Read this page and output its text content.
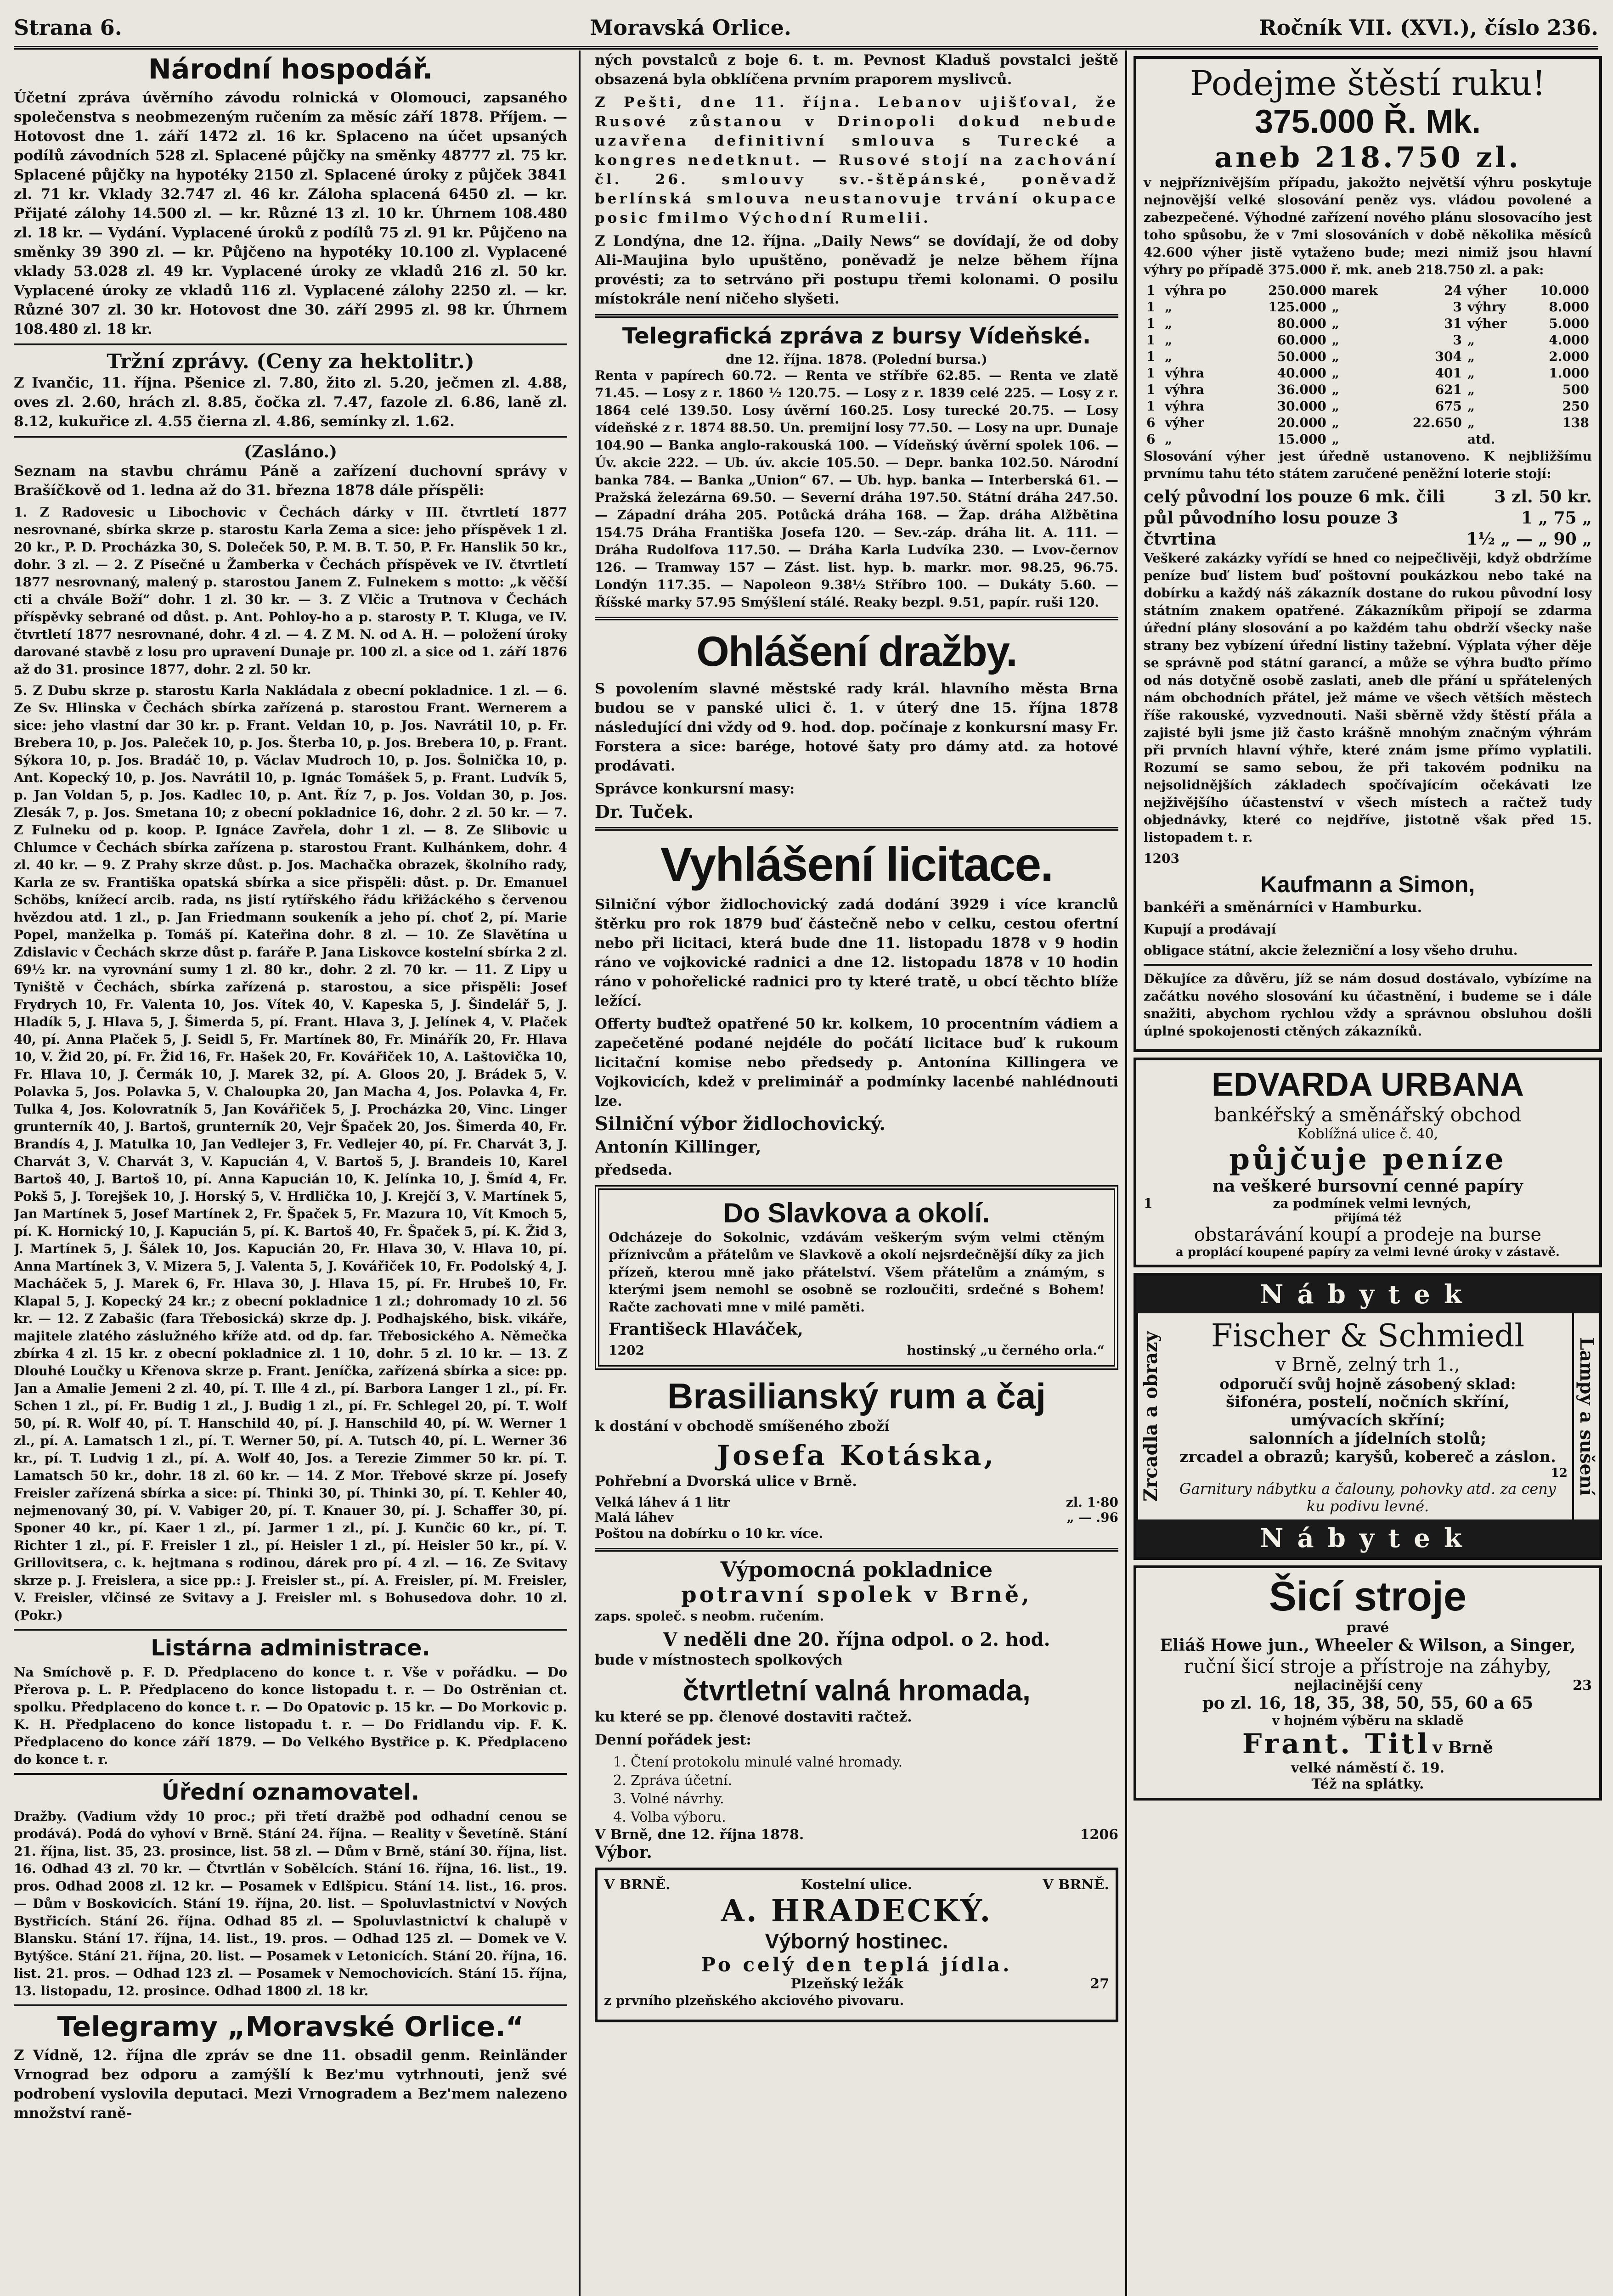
Strana 6.	Moravská Orlice.	Ročník VII. (XVI.), číslo 236.
Národní hospodář.

Účetní zpráva úvěrního závodu rolnická v Olomouci, zapsaného společenstva s neobmezeným ručením za měsíc září 1878. Příjem. — Hotovost dne 1. září 1472 zl. 16 kr. Splaceno na účet upsaných podílů závodních 528 zl. Splacené půjčky na směnky 48777 zl. 75 kr. Splacené půjčky na hypotéky 2150 zl. Splacené úroky z půjček 3841 zl. 71 kr. Vklady 32.747 zl. 46 kr. Záloha splacená 6450 zl. — kr. Přijaté zálohy 14.500 zl. — kr. Různé 13 zl. 10 kr. Úhrnem 108.480 zl. 18 kr. — Vydání. Vyplacené úroků z podílů 75 zl. 91 kr. Půjčeno na směnky 39 390 zl. — kr. Půjčeno na hypotéky 10.100 zl. Vyplacené vklady 53.028 zl. 49 kr. Vyplacené úroky ze vkladů 216 zl. 50 kr. Vyplacené úroky ze vkladů 116 zl. Vyplacené zálohy 2250 zl. — kr. Různé 307 zl. 30 kr. Hotovost dne 30. září 2995 zl. 98 kr. Úhrnem 108.480 zl. 18 kr.

Tržní zprávy. (Ceny za hektolitr.)

Z Ivančic, 11. října. Pšenice zl. 7.80, žito zl. 5.20, ječmen zl. 4.88, oves zl. 2.60, hrách zl. 8.85, čočka zl. 7.47, fazole zl. 6.86, laně zl. 8.12, kukuřice zl. 4.55 čierna zl. 4.86, semínky zl. 1.62.

(Zasláno.)

Seznam na stavbu chrámu Páně a zařízení duchovní správy v Brašíčkově od 1. ledna až do 31. března 1878 dále příspěli:

1. Z Radovesic u Libochovic v Čechách dárky v III. čtvrtletí 1877 nesrovnané, sbírka skrze p. starostu Karla Zema a sice: jeho příspěvek 1 zl. 20 kr., P. D. Procházka 30, S. Doleček 50, P. M. B. T. 50, P. Fr. Hanslik 50 kr., dohr. 3 zl. — 2. Z Písečné u Žamberka v Čechách příspěvek ve IV. čtvrtletí 1877 nesrovnaný, malený p. starostou Janem Z. Fulnekem s motto: „k věčší cti a chvále Boží“ dohr. 1 zl. 30 kr. — 3. Z Vlčic a Trutnova v Čechách příspěvky sebrané od důst. p. Ant. Pohloy-ho a p. starosty P. T. Kluga, ve IV. čtvrtletí 1877 nesrovnané, dohr. 4 zl. — 4. Z M. N. od A. H. — položení úroky darované stavbě z losu pro upravení Dunaje pr. 100 zl. a sice od 1. září 1876 až do 31. prosince 1877, dohr. 2 zl. 50 kr.

5. Z Dubu skrze p. starostu Karla Nakládala z obecní pokladnice. 1 zl. — 6. Ze Sv. Hlinska v Čechách sbírka zařízená p. starostou Frant. Wernerem a sice: jeho vlastní dar 30 kr. p. Frant. Veldan 10, p. Jos. Navrátil 10, p. Fr. Brebera 10, p. Jos. Paleček 10, p. Jos. Šterba 10, p. Jos. Brebera 10, p. Frant. Sýkora 10, p. Jos. Bradáč 10, p. Václav Mudroch 10, p. Jos. Šolnička 10, p. Ant. Kopecký 10, p. Jos. Navrátil 10, p. Ignác Tomášek 5, p. Frant. Ludvík 5, p. Jan Voldan 5, p. Jos. Kadlec 10, p. Ant. Říz 7, p. Jos. Voldan 30, p. Jos. Zlesák 7, p. Jos. Smetana 10; z obecní pokladnice 16, dohr. 2 zl. 50 kr. — 7. Z Fulneku od p. koop. P. Ignáce Zavřela, dohr 1 zl. — 8. Ze Slibovic u Chlumce v Čechách sbírka zařízena p. starostou Frant. Kulhánkem, dohr. 4 zl. 40 kr. — 9. Z Prahy skrze důst. p. Jos. Machačka obrazek, školního rady, Karla ze sv. Františka opatská sbírka a sice přispěli: důst. p. Dr. Emanuel Schöbs, knížecí arcib. rada, ns jistí rytířského řádu křižáckého s červenou hvězdou atd. 1 zl., p. Jan Friedmann soukeník a jeho pí. choť 2, pí. Marie Popel, manželka p. Tomáš pí. Kateřina dohr. 8 zl. — 10. Ze Slavětína u Zdislavic v Čechách skrze důst p. faráře P. Jana Liskovce kostelní sbírka 2 zl. 69½ kr. na vyrovnání sumy 1 zl. 80 kr., dohr. 2 zl. 70 kr. — 11. Z Lipy u Tyniště v Čechách, sbírka zařízená p. starostou, a sice přispěli: Josef Frydrych 10, Fr. Valenta 10, Jos. Vítek 40, V. Kapeska 5, J. Šindelář 5, J. Hladík 5, J. Hlava 5, J. Šimerda 5, pí. Frant. Hlava 3, J. Jelínek 4, V. Plaček 40, pí. Anna Plaček 5, J. Seidl 5, Fr. Martínek 80, Fr. Minářík 20, Fr. Hlava 10, V. Žid 20, pí. Fr. Žid 16, Fr. Hašek 20, Fr. Kovářiček 10, A. Laštovička 10, Fr. Hlava 10, J. Čermák 10, J. Marek 32, pí. A. Gloos 20, J. Brádek 5, V. Polavka 5, Jos. Polavka 5, V. Chaloupka 20, Jan Macha 4, Jos. Polavka 4, Fr. Tulka 4, Jos. Kolovratník 5, Jan Kovářiček 5, J. Procházka 20, Vinc. Linger grunterník 40, J. Bartoš, grunterník 20, Vejr Špaček 20, Jos. Šimerda 40, Fr. Brandís 4, J. Matulka 10, Jan Vedlejer 3, Fr. Vedlejer 40, pí. Fr. Charvát 3, J. Charvát 3, V. Charvát 3, V. Kapucián 4, V. Bartoš 5, J. Brandeis 10, Karel Bartoš 40, J. Bartoš 10, pí. Anna Kapucián 10, K. Jelínka 10, J. Šmíd 4, Fr. Pokš 5, J. Torejšek 10, J. Horský 5, V. Hrdlička 10, J. Krejčí 3, V. Martínek 5, Jan Martínek 5, Josef Martínek 2, Fr. Špaček 5, Fr. Mazura 10, Vít Kmoch 5, pí. K. Hornický 10, J. Kapucián 5, pí. K. Bartoš 40, Fr. Špaček 5, pí. K. Žid 3, J. Martínek 5, J. Šálek 10, Jos. Kapucián 20, Fr. Hlava 30, V. Hlava 10, pí. Anna Martínek 3, V. Mizera 5, J. Valenta 5, J. Kovářiček 10, Fr. Podolský 4, J. Macháček 5, J. Marek 6, Fr. Hlava 30, J. Hlava 15, pí. Fr. Hrubeš 10, Fr. Klapal 5, J. Kopecký 24 kr.; z obecní pokladnice 1 zl.; dohromady 10 zl. 56 kr. — 12. Z Zabašic (fara Třebosická) skrze dp. J. Podhajského, bisk. vikáře, majitele zlatého záslužného kříže atd. od dp. far. Třebosického A. Němečka zbírka 4 zl. 15 kr. z obecní pokladnice zl. 1 10, dohr. 5 zl. 10 kr. — 13. Z Dlouhé Loučky u Křenova skrze p. Frant. Jeníčka, zařízená sbírka a sice: pp. Jan a Amalie Jemeni 2 zl. 40, pí. T. Ille 4 zl., pí. Barbora Langer 1 zl., pí. Fr. Schen 1 zl., pí. Fr. Budig 1 zl., J. Budig 1 zl., pí. Fr. Schlegel 20, pí. T. Wolf 50, pí. R. Wolf 40, pí. T. Hanschild 40, pí. J. Hanschild 40, pí. W. Werner 1 zl., pí. A. Lamatsch 1 zl., pí. T. Werner 50, pí. A. Tutsch 40, pí. L. Werner 36 kr., pí. T. Ludvig 1 zl., pí. A. Wolf 40, Jos. a Terezie Zimmer 50 kr. pí. T. Lamatsch 50 kr., dohr. 18 zl. 60 kr. — 14. Z Mor. Třebové skrze pí. Josefy Freisler zařízená sbírka a sice: pí. Thinki 30, pí. Thinki 30, pí. T. Kehler 40, nejmenovaný 30, pí. V. Vabiger 20, pí. T. Knauer 30, pí. J. Schaffer 30, pí. Sponer 40 kr., pí. Kaer 1 zl., pí. Jarmer 1 zl., pí. J. Kunčic 60 kr., pí. T. Richter 1 zl., pí. F. Freisler 1 zl., pí. Heisler 1 zl., pí. Heisler 50 kr., pí. V. Grillovitsera, c. k. hejtmana s rodinou, dárek pro pí. 4 zl. — 16. Ze Svitavy skrze p. J. Freislera, a sice pp.: J. Freisler st., pí. A. Freisler, pí. M. Freisler, V. Freisler, vlčinsé ze Svitavy a J. Freisler ml. s Bohusedova dohr. 10 zl. (Pokr.)

Listárna administrace.

Na Smíchově p. F. D. Předplaceno do konce t. r. Vše v pořádku. — Do Přerova p. L. P. Předplaceno do konce listopadu t. r. — Do Ostrěnian ct. spolku. Předplaceno do konce t. r. — Do Opatovic p. 15 kr. — Do Morkovic p. K. H. Předplaceno do konce listopadu t. r. — Do Fridlandu vip. F. K. Předplaceno do konce září 1879. — Do Velkého Bystřice p. K. Předplaceno do konce t. r.

Úřední oznamovatel.

Dražby. (Vadium vždy 10 proc.; při třetí dražbě pod odhadní cenou se prodává). Podá do vyhoví v Brně. Stání 24. října. — Reality v Ševetíně. Stání 21. října, list. 35, 23. prosince, list. 58 zl. — Dům v Brně, stání 30. října, list. 16. Odhad 43 zl. 70 kr. — Čtvrtlán v Sobělcích. Stání 16. října, 16. list., 19. pros. Odhad 2008 zl. 12 kr. — Posamek v Edlšpicu. Stání 14. list., 16. pros. — Dům v Boskovicích. Stání 19. října, 20. list. — Spoluvlastnictví v Nových Bystřicích. Stání 26. října. Odhad 85 zl. — Spoluvlastnictví k chalupě v Blansku. Stání 17. října, 14. list., 19. pros. — Odhad 125 zl. — Domek ve V. Bytýšce. Stání 21. října, 20. list. — Posamek v Letonicích. Stání 20. října, 16. list. 21. pros. — Odhad 123 zl. — Posamek v Nemochovicích. Stání 15. října, 13. listopadu, 12. prosince. Odhad 1800 zl. 18 kr.

Telegramy „Moravské Orlice.“

Z Vídně, 12. října dle zpráv se dne 11. obsadil genm. Reinländer Vrnograd bez odporu a zamýšlí k Bez'mu vytrhnouti, jenž své podrobení vyslovila deputaci. Mezi Vrnogradem a Bez'mem nalezeno množství raně-

ných povstalců z boje 6. t. m. Pevnost Kladuš povstalci ještě obsazená byla obklíčena prvním praporem myslivců.

Z Pešti, dne 11. října. Lebanov ujišťoval, že Rusové zůstanou v Drinopoli dokud nebude uzavřena definitivní smlouva s Turecké a kongres nedetknut. — Rusové stojí na zachování čl. 26. smlouvy sv.-štěpánské, poněvadž berlínská smlouva neustanovuje trvání okupace posic fmilmo Východní Rumelii.

Z Londýna, dne 12. října. „Daily News“ se dovídají, že od doby Ali-Maujina bylo upuštěno, poněvadž je nelze během října provésti; za to setrváno při postupu třemi kolonami. O posilu místokrále není ničeho slyšeti.

Telegrafická zpráva z bursy Vídeňské.
dne 12. října. 1878. (Polední bursa.)

Renta v papírech 60.72. — Renta ve stříbře 62.85. — Renta ve zlatě 71.45. — Losy z r. 1860 ½ 120.75. — Losy z r. 1839 celé 225. — Losy z r. 1864 celé 139.50. Losy úvěrní 160.25. Losy turecké 20.75. — Losy vídeňské z r. 1874 88.50. Un. premijní losy 77.50. — Losy na upr. Dunaje 104.90 — Banka anglo-rakouská 100. — Vídeňský úvěrní spolek 106. — Úv. akcie 222. — Ub. úv. akcie 105.50. — Depr. banka 102.50. Národní banka 784. — Banka „Union“ 67. — Ub. hyp. banka — Interberská 61. — Pražská železárna 69.50. — Severní dráha 197.50. Státní dráha 247.50. — Západní dráha 205. Potůcká dráha 168. — Žap. dráha Alžbětina 154.75 Dráha Františka Josefa 120. — Sev.-záp. dráha lit. A. 111. — Dráha Rudolfova 117.50. — Dráha Karla Ludvíka 230. — Lvov-černov 126. — Tramway 157 — Zást. list. hyp. b. markr. mor. 98.25, 96.75. Londýn 117.35. — Napoleon 9.38½ Stříbro 100. — Dukáty 5.60. — Říšské marky 57.95 Smýšlení stálé. Reaky bezpl. 9.51, papír. ruši 120.

Ohlášení dražby.

S povolením slavné městské rady král. hlavního města Brna budou se v panské ulici č. 1. v úterý dne 15. října 1878 následující dni vždy od 9. hod. dop. počínaje z konkursní masy Fr. Forstera a sice: barége, hotové šaty pro dámy atd. za hotové prodávati.

Správce konkursní masy:

Dr. Tuček.

Vyhlášení licitace.

Silniční výbor židlochovický zadá dodání 3929 i více kranclů štěrku pro rok 1879 buď částečně nebo v celku, cestou ofertní nebo při licitaci, která bude dne 11. listopadu 1878 v 9 hodin ráno ve vojkovické radnici a dne 12. listopadu 1878 v 10 hodin ráno v pohořelické radnici pro ty které tratě, u obcí těchto blíže ležící.

Offerty buďtež opatřené 50 kr. kolkem, 10 procentním vádiem a zapečetěné podané nejdéle do počátí licitace buď k rukoum licitační komise nebo předsedy p. Antonína Killingera ve Vojkovicích, kdež v preliminář a podmínky lacenbé nahlédnouti lze.

Silniční výbor židlochovický.

Antonín Killinger,

předseda.

Do Slavkova a okolí.

Odcházeje do Sokolnic, vzdávám veškerým svým velmi ctěným příznivcům a přátelům ve Slavkově a okolí nejsrdečnější díky za jich přízeň, kterou mně jako přátelství. Všem přátelům a známým, s kterými jsem nemohl se osobně se rozloučiti, srdečné s Bohem! Račte zachovati mne v milé paměti.

Františeck Hlaváček,

1202	hostinský „u černého orla.“
Brasilianský rum a čaj

k dostání v obchodě smíšeného zboží

Josefa Kotáska,

Pohřební a Dvorská ulice v Brně.

Velká láhev á 1 litr	zl. 1·80
Malá láhev	„ — .96

Poštou na dobírku o 10 kr. více.

Výpomocná pokladnice
potravní spolek v Brně,

zaps. společ. s neobm. ručením.

V neděli dne 20. října odpol. o 2. hod.

bude v místnostech spolkových

čtvrtletní valná hromada,

ku které se pp. členové dostaviti račtež.

Denní pořádek jest:

1. Čtení protokolu minulé valné hromady.
2. Zpráva účetní.
3. Volné návrhy.
4. Volba výboru.
V Brně, dne 12. října 1878.	1206

Výbor.

V BRNĚ.	Kostelní ulice.	V BRNĚ.
A. HRADECKÝ.
Výborný hostinec.
Po celý den teplá jídla.
Plzeňský ležák	27

z prvního plzeňského akciového pivovaru.

Podejme štěstí ruku!
375.000 Ř. Mk.
aneb 218.750 zl.

v nejpříznivějším případu, jakožto největší výhru poskytuje nejnovější velké slosování peněz vys. vládou povolené a zabezpečené. Výhodné zařízení nového plánu slosovacího jest toho spůsobu, že v 7mi slosováních v době několika měsíců 42.600 výher jistě vytaženo bude; mezi nimiž jsou hlavní výhry po případě 375.000 ř. mk. aneb 218.750 zl. a pak:

1	výhra po	250.000	marek	24	výher	10.000
1	„	125.000	„	3	výhry	8.000
1	„	80.000	„	31	výher	5.000
1	„	60.000	„	3	„	4.000
1	„	50.000	„	304	„	2.000
1	výhra	40.000	„	401	„	1.000
1	výhra	36.000	„	621	„	500
1	výhra	30.000	„	675	„	250
6	výher	20.000	„	22.650	„	138
6	„	15.000	„		atd.	

Slosování výher jest úředně ustanoveno. K nejbližšímu prvnímu tahu této státem zaručené peněžní loterie stojí:

celý původní los pouze 6 mk. čili	3 zl. 50 kr.
půl původního losu pouze 3	1 „ 75 „
čtvrtina	1½ „ — „ 90 „

Veškeré zakázky vyřídí se hned co nejpečlivěji, když obdržíme peníze buď listem buď poštovní poukázkou nebo také na dobírku a každý náš zákazník dostane do rukou původní losy státním znakem opatřené. Zákazníkům připojí se zdarma úřední plány slosování a po každém tahu obdrží všecky naše strany bez vybízení úřední listiny tažební. Výplata výher děje se správně pod státní garancí, a může se výhra buďto přímo od nás dotyčně osobě zaslati, aneb dle přání u spřátelených nám obchodních přátel, jež máme ve všech větších městech říše rakouské, vyzvednouti. Naši sběrně vždy štěstí přála a zajisté byli jsme již často krášně mnohým značným výhrám při prvních hlavní výhře, které znám jsme přímo vyplatili. Rozumí se samo sebou, že při takovém podniku na nejsolidnějších základech spočívajícím očekávati lze nejživějšího účastenství v všech místech a račtež tudy objednávky, které co nejdříve, jistotně však před 15. listopadem t. r.

1203

Kaufmann a Simon,

bankéři a směnárníci v Hamburku.

Kupují a prodávají

obligace státní, akcie železniční a losy všeho druhu.

Děkujíce za důvěru, jíž se nám dosud dostávalo, vybízíme na začátku nového slosování ku účastnění, i budeme se i dále snažiti, abychom rychlou vždy a správnou obsluhou došli úplné spokojenosti ctěných zákazníků.

EDVARDA URBANA
bankéřský a směnářský obchod
Koblížná ulice č. 40,
půjčuje peníze
na veškeré bursovní cenné papíry
1	za podmínek velmi levných,
přijímá též
obstarávání koupí a prodeje na burse
a proplácí koupené papíry za velmi levné úroky v zástavě.
Nábytek
Zrcadla a obrazy	Fischer & Schmiedl
v Brně, zelný trh 1.,
odporučí svůj hojně zásobený sklad:
šifonéra, postelí, nočních skříní,
umývacích skříní;
salonních a jídelních stolů;
zrcadel a obrazů; karyšů, kobereč a záslon.
12
Garnitury nábytku a čalouny, pohovky atd. za ceny ku podivu levné.
Lampy a sušení
Nábytek
Šicí stroje
pravé
Eliáš Howe jun., Wheeler & Wilson, a Singer,
ruční šicí stroje a přístroje na záhyby,
nejlacinější ceny	23
po zl. 16, 18, 35, 38, 50, 55, 60 a 65
v hojném výběru na skladě
Frant. Titl v Brně
velké náměstí č. 19.
Též na splátky.
